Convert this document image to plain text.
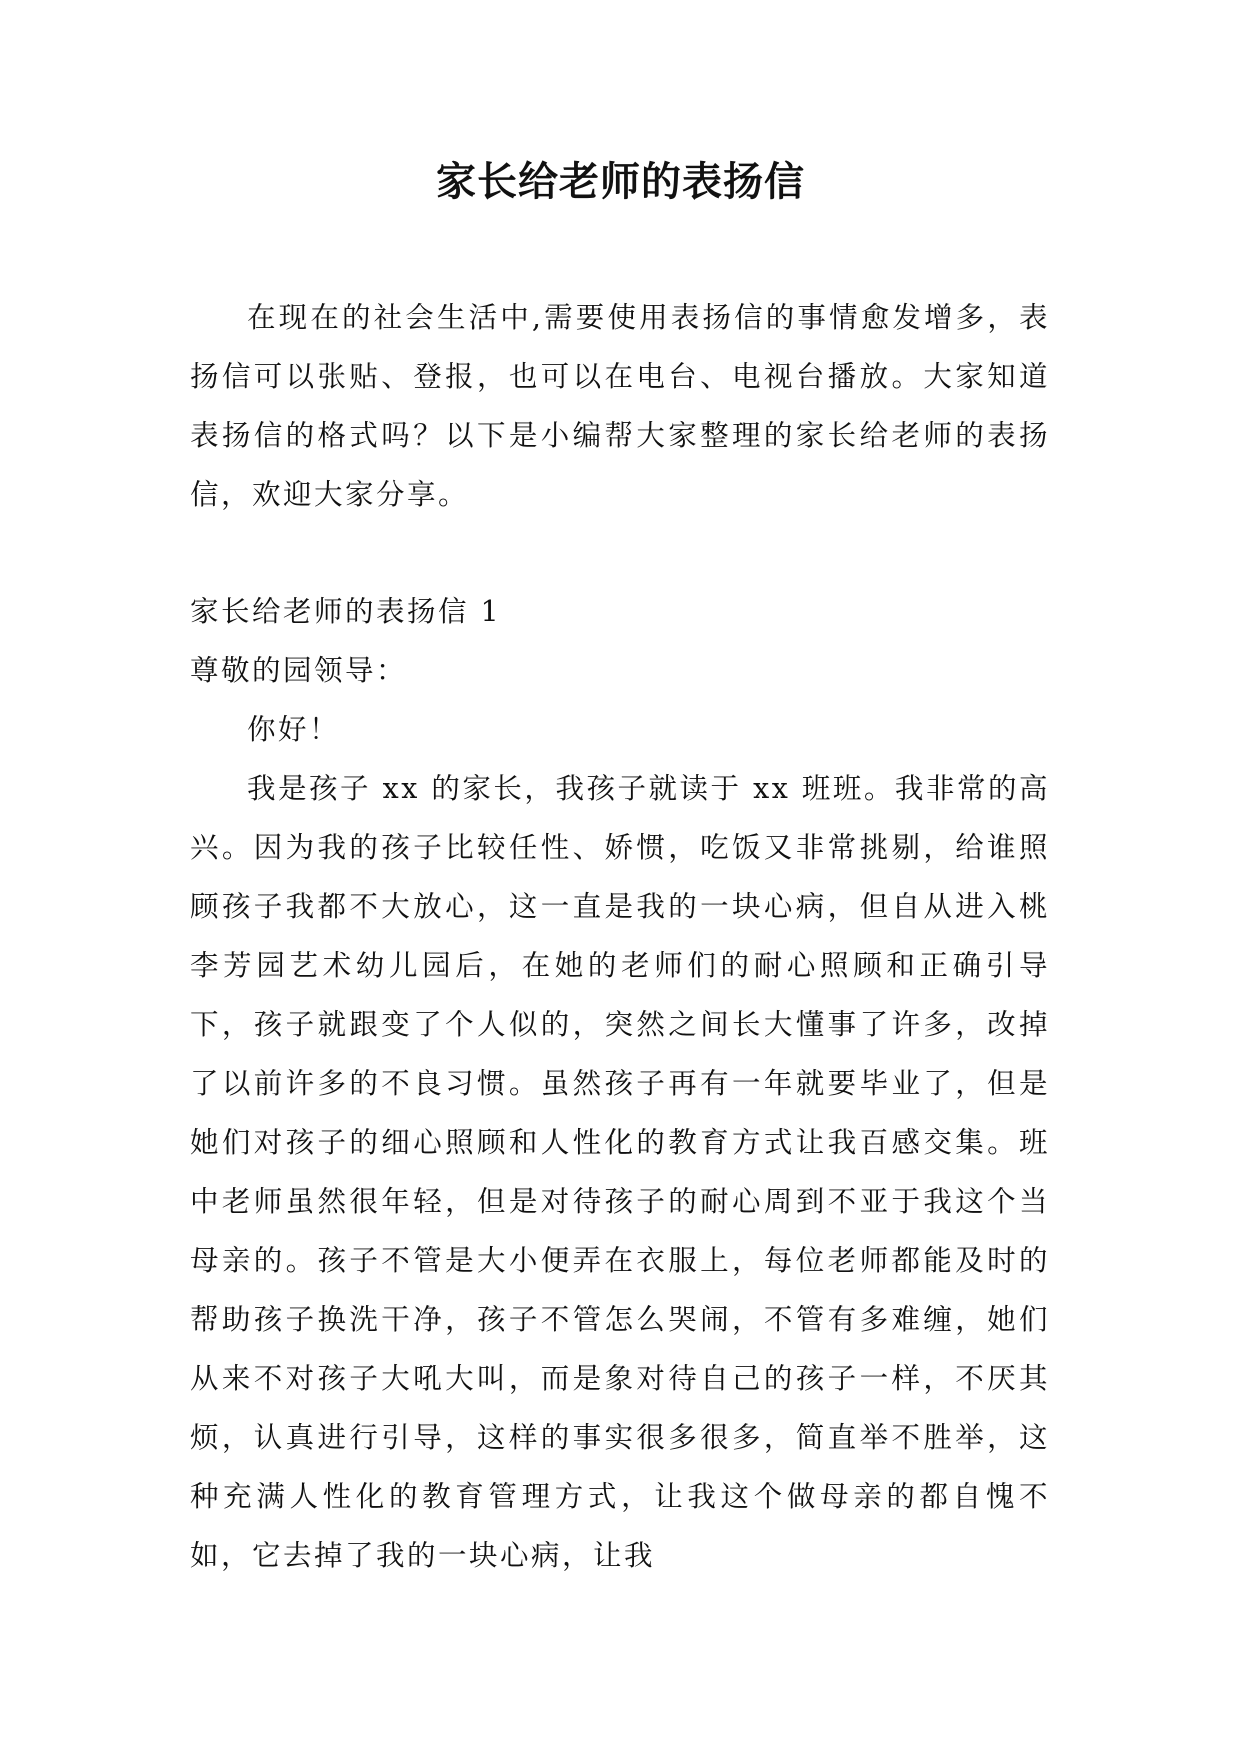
家长给老师的表扬信

在现在的社会生活中,需要使用表扬信的事情愈发增多，表扬信可以张贴、登报，也可以在电台、电视台播放。大家知道表扬信的格式吗？以下是小编帮大家整理的家长给老师的表扬信，欢迎大家分享。

家长给老师的表扬信 1

尊敬的园领导：

你好！

我是孩子 xx 的家长，我孩子就读于 xx 班班。我非常的高兴。因为我的孩子比较任性、娇惯，吃饭又非常挑剔，给谁照顾孩子我都不大放心，这一直是我的一块心病，但自从进入桃李芳园艺术幼儿园后，在她的老师们的耐心照顾和正确引导下，孩子就跟变了个人似的，突然之间长大懂事了许多，改掉了以前许多的不良习惯。虽然孩子再有一年就要毕业了，但是她们对孩子的细心照顾和人性化的教育方式让我百感交集。班中老师虽然很年轻，但是对待孩子的耐心周到不亚于我这个当母亲的。孩子不管是大小便弄在衣服上，每位老师都能及时的帮助孩子换洗干净，孩子不管怎么哭闹，不管有多难缠，她们从来不对孩子大吼大叫，而是象对待自己的孩子一样，不厌其烦，认真进行引导，这样的事实很多很多，简直举不胜举，这种充满人性化的教育管理方式，让我这个做母亲的都自愧不如，它去掉了我的一块心病，让我
